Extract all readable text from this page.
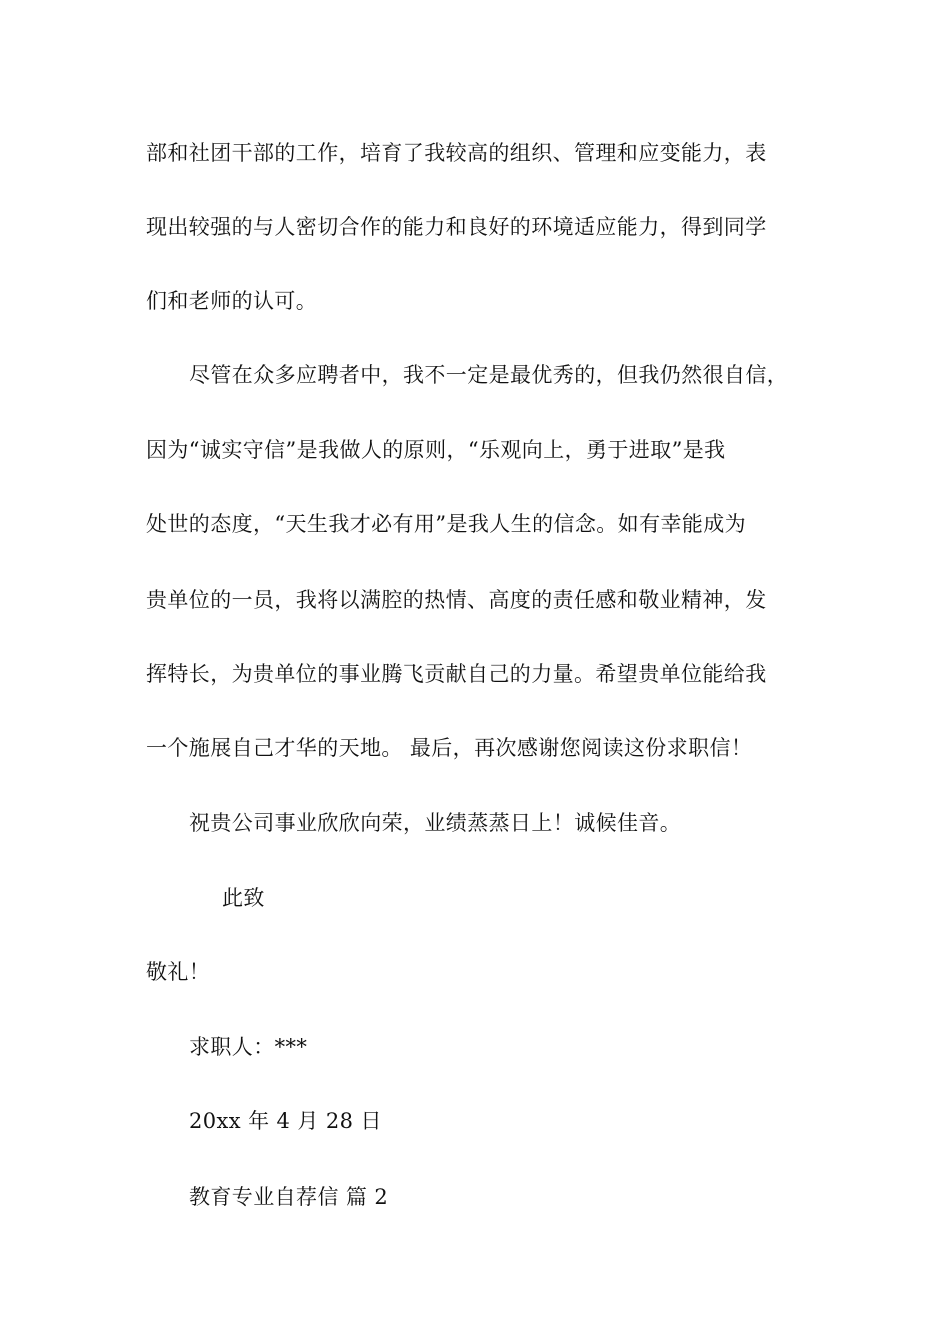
部和社团干部的工作，培育了我较高的组织、管理和应变能力，表
现出较强的与人密切合作的能力和良好的环境适应能力，得到同学
们和老师的认可。
尽管在众多应聘者中，我不一定是最优秀的，但我仍然很自信，
因为“诚实守信”是我做人的原则，“乐观向上，勇于进取”是我
处世的态度，“天生我才必有用”是我人生的信念。如有幸能成为
贵单位的一员，我将以满腔的热情、高度的责任感和敬业精神，发
挥特长，为贵单位的事业腾飞贡献自己的力量。希望贵单位能给我
一个施展自己才华的天地。 最后，再次感谢您阅读这份求职信！
祝贵公司事业欣欣向荣，业绩蒸蒸日上！诚候佳音。
此致
敬礼！
求职人：***
20xx 年 4 月 28 日
教育专业自荐信 篇 2
